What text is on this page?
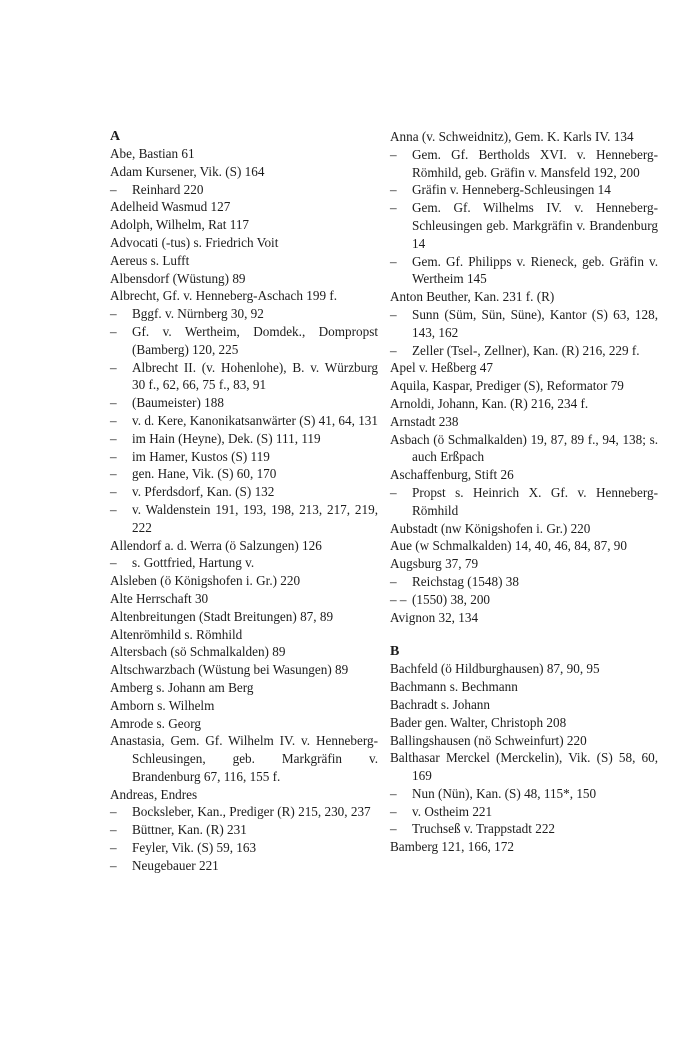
A
Abe, Bastian 61
Adam Kursener, Vik. (S) 164
– Reinhard 220
Adelheid Wasmud 127
Adolph, Wilhelm, Rat 117
Advocati (-tus) s. Friedrich Voit
Aereus s. Lufft
Albensdorf (Wüstung) 89
Albrecht, Gf. v. Henneberg-Aschach 199 f.
– Bggf. v. Nürnberg 30, 92
– Gf. v. Wertheim, Domdek., Dompropst (Bamberg) 120, 225
– Albrecht II. (v. Hohenlohe), B. v. Würzburg 30 f., 62, 66, 75 f., 83, 91
– (Baumeister) 188
– v. d. Kere, Kanonikatsanwärter (S) 41, 64, 131
– im Hain (Heyne), Dek. (S) 111, 119
– im Hamer, Kustos (S) 119
– gen. Hane, Vik. (S) 60, 170
– v. Pferdsdorf, Kan. (S) 132
– v. Waldenstein 191, 193, 198, 213, 217, 219, 222
Allendorf a. d. Werra (ö Salzungen) 126
– s. Gottfried, Hartung v.
Alsleben (ö Königshofen i. Gr.) 220
Alte Herrschaft 30
Altenbreitungen (Stadt Breitungen) 87, 89
Altenrömhild s. Römhild
Altersbach (sö Schmalkalden) 89
Altschwarzbach (Wüstung bei Wasungen) 89
Amberg s. Johann am Berg
Amborn s. Wilhelm
Amrode s. Georg
Anastasia, Gem. Gf. Wilhelm IV. v. Henneberg-Schleusingen, geb. Markgräfin v. Brandenburg 67, 116, 155 f.
Andreas, Endres
– Bocksleber, Kan., Prediger (R) 215, 230, 237
– Büttner, Kan. (R) 231
– Feyler, Vik. (S) 59, 163
– Neugebauer 221
Anna (v. Schweidnitz), Gem. K. Karls IV. 134
– Gem. Gf. Bertholds XVI. v. Henneberg-Römhild, geb. Gräfin v. Mansfeld 192, 200
– Gräfin v. Henneberg-Schleusingen 14
– Gem. Gf. Wilhelms IV. v. Henneberg-Schleusingen geb. Markgräfin v. Brandenburg 14
– Gem. Gf. Philipps v. Rieneck, geb. Gräfin v. Wertheim 145
Anton Beuther, Kan. 231 f. (R)
– Sunn (Süm, Sün, Süne), Kantor (S) 63, 128, 143, 162
– Zeller (Tsel-, Zellner), Kan. (R) 216, 229 f.
Apel v. Heßberg 47
Aquila, Kaspar, Prediger (S), Reformator 79
Arnoldi, Johann, Kan. (R) 216, 234 f.
Arnstadt 238
Asbach (ö Schmalkalden) 19, 87, 89 f., 94, 138; s. auch Erßpach
Aschaffenburg, Stift 26
– Propst s. Heinrich X. Gf. v. Henneberg-Römhild
Aubstadt (nw Königshofen i. Gr.) 220
Aue (w Schmalkalden) 14, 40, 46, 84, 87, 90
Augsburg 37, 79
– Reichstag (1548) 38
– – (1550) 38, 200
Avignon 32, 134
B
Bachfeld (ö Hildburghausen) 87, 90, 95
Bachmann s. Bechmann
Bachradt s. Johann
Bader gen. Walter, Christoph 208
Ballingshausen (nö Schweinfurt) 220
Balthasar Merckel (Merckelin), Vik. (S) 58, 60, 169
– Nun (Nün), Kan. (S) 48, 115*, 150
– v. Ostheim 221
– Truchseß v. Trappstadt 222
Bamberg 121, 166, 172
